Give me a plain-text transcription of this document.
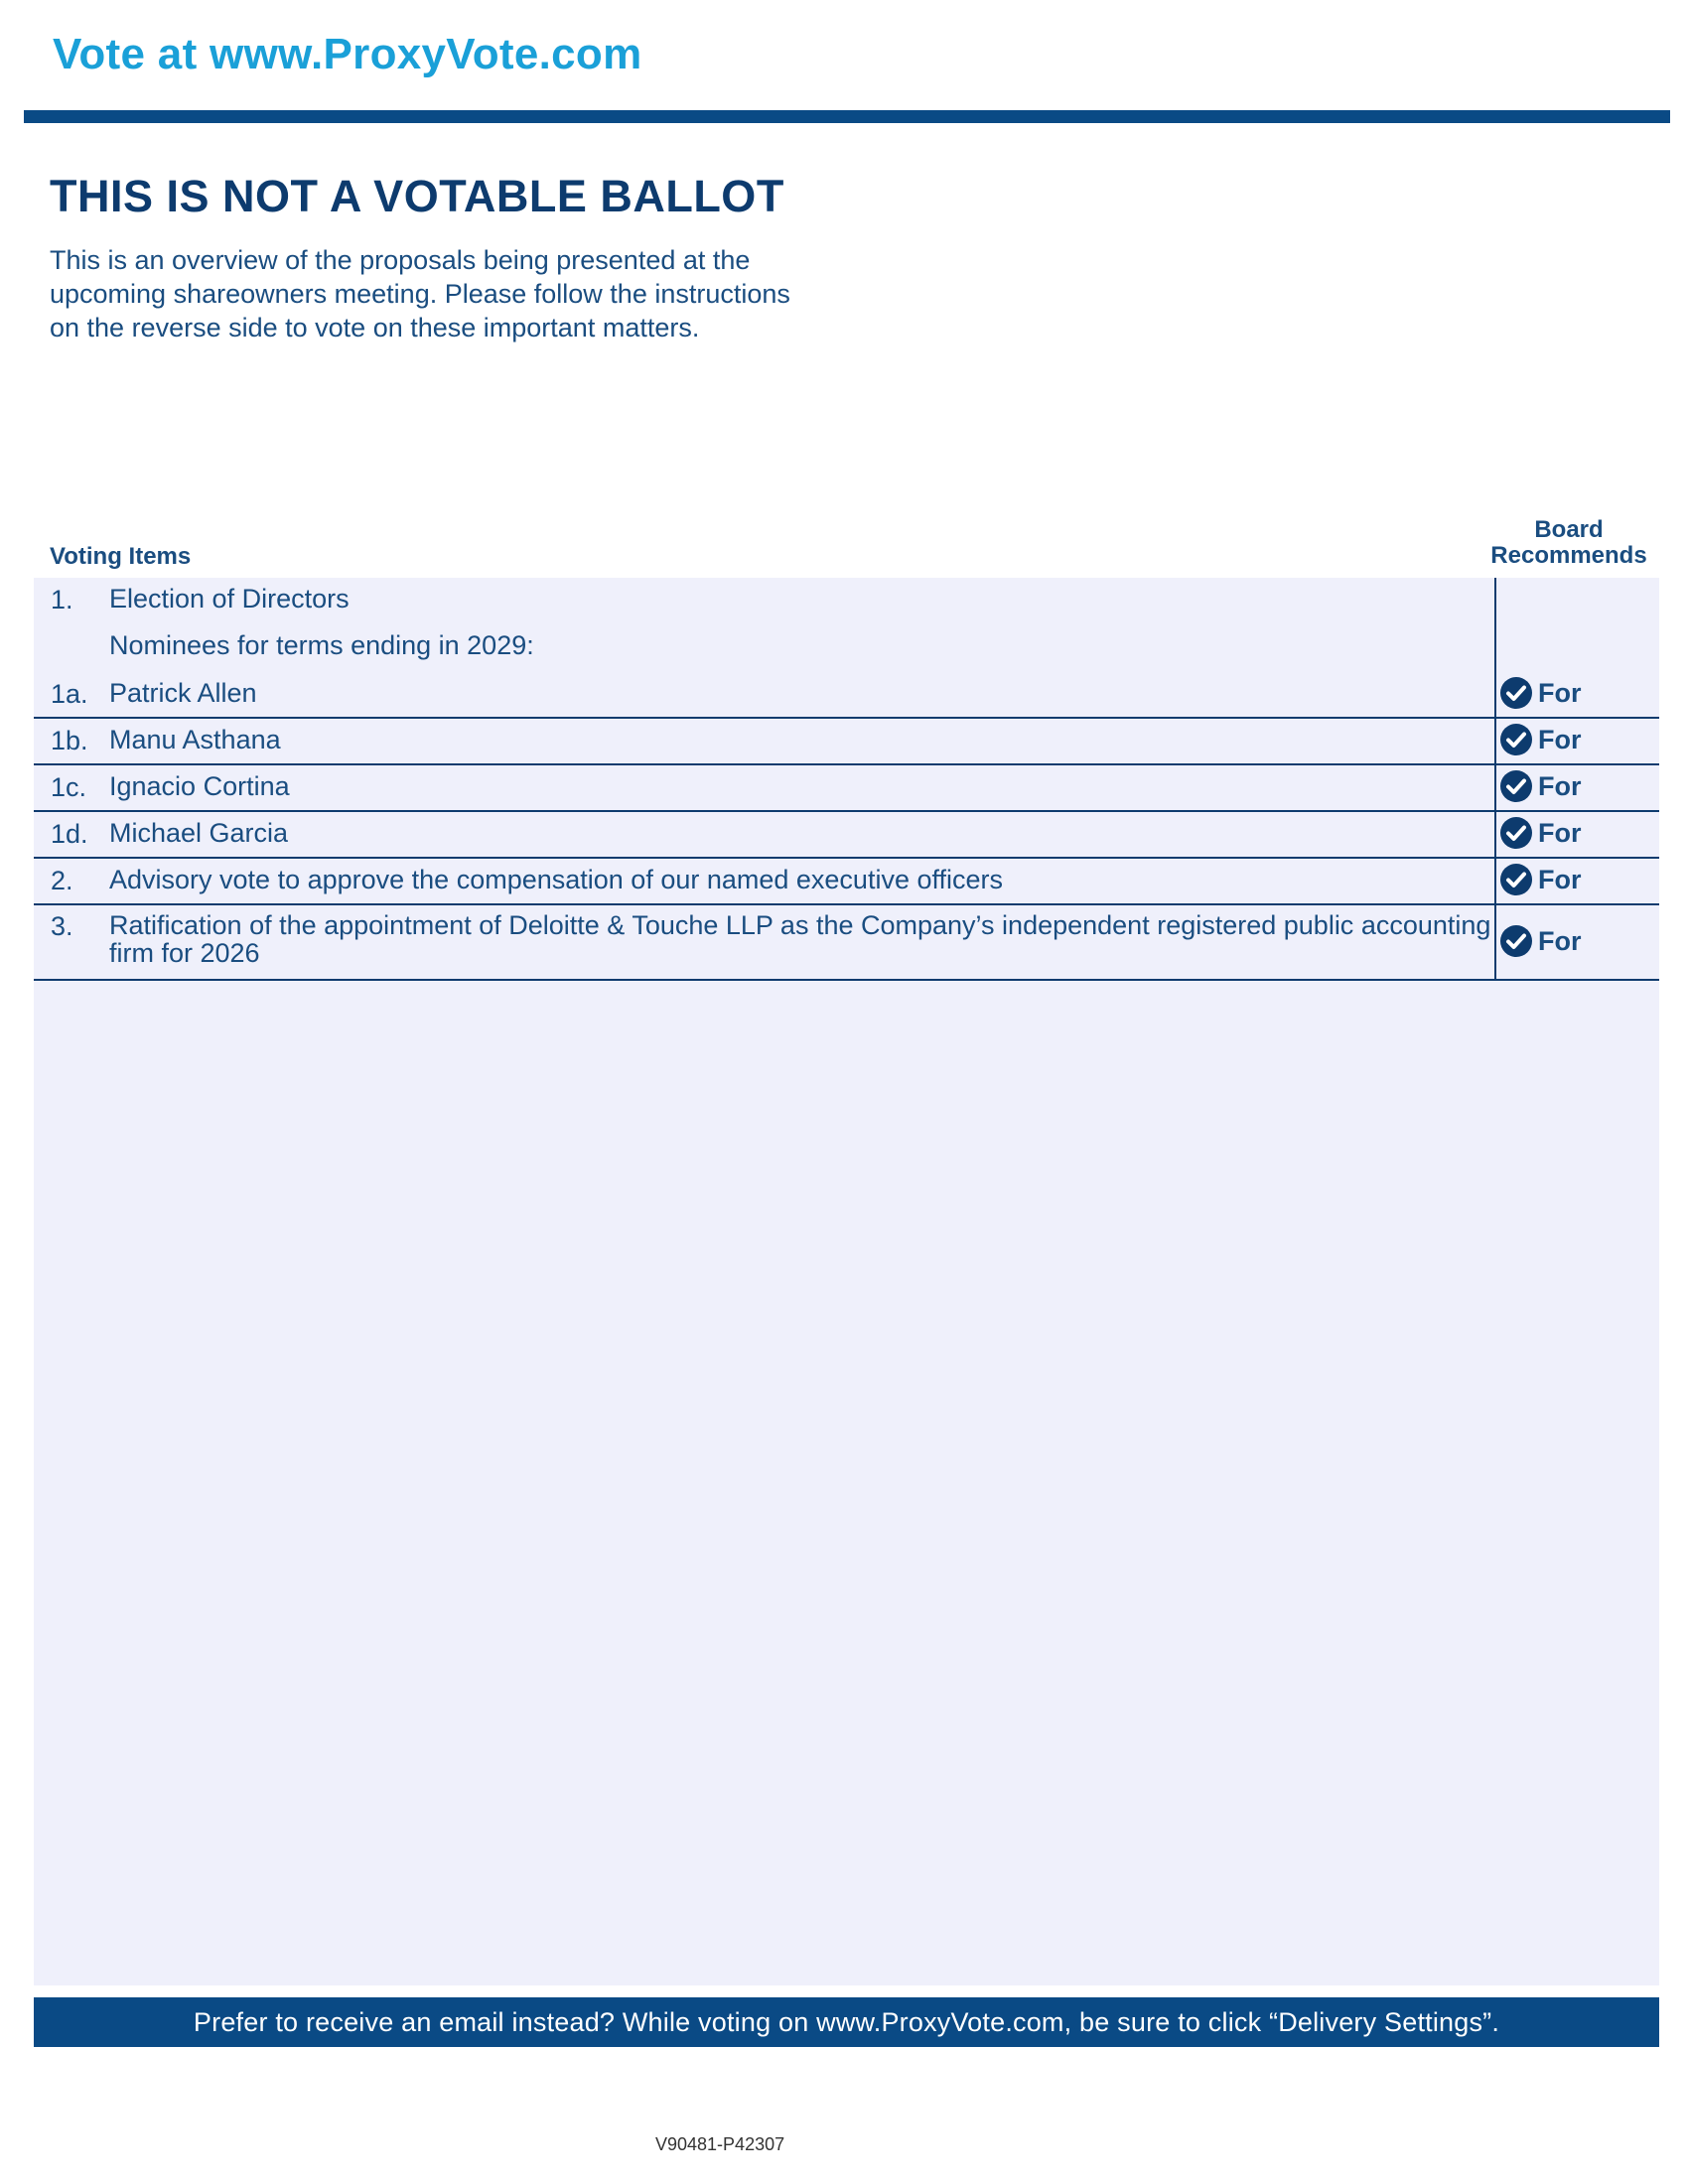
Vote at www.ProxyVote.com
THIS IS NOT A VOTABLE BALLOT
This is an overview of the proposals being presented at the upcoming shareowners meeting. Please follow the instructions on the reverse side to vote on these important matters.
Voting Items
Board
Recommends
1. Election of Directors
Nominees for terms ending in 2029:
1a. Patrick Allen	For
1b. Manu Asthana	For
1c. Ignacio Cortina	For
1d. Michael Garcia	For
2. Advisory vote to approve the compensation of our named executive officers	For
3. Ratification of the appointment of Deloitte & Touche LLP as the Company’s independent registered public accounting firm for 2026	For
Prefer to receive an email instead? While voting on www.ProxyVote.com, be sure to click “Delivery Settings”.
V90481-P42307
